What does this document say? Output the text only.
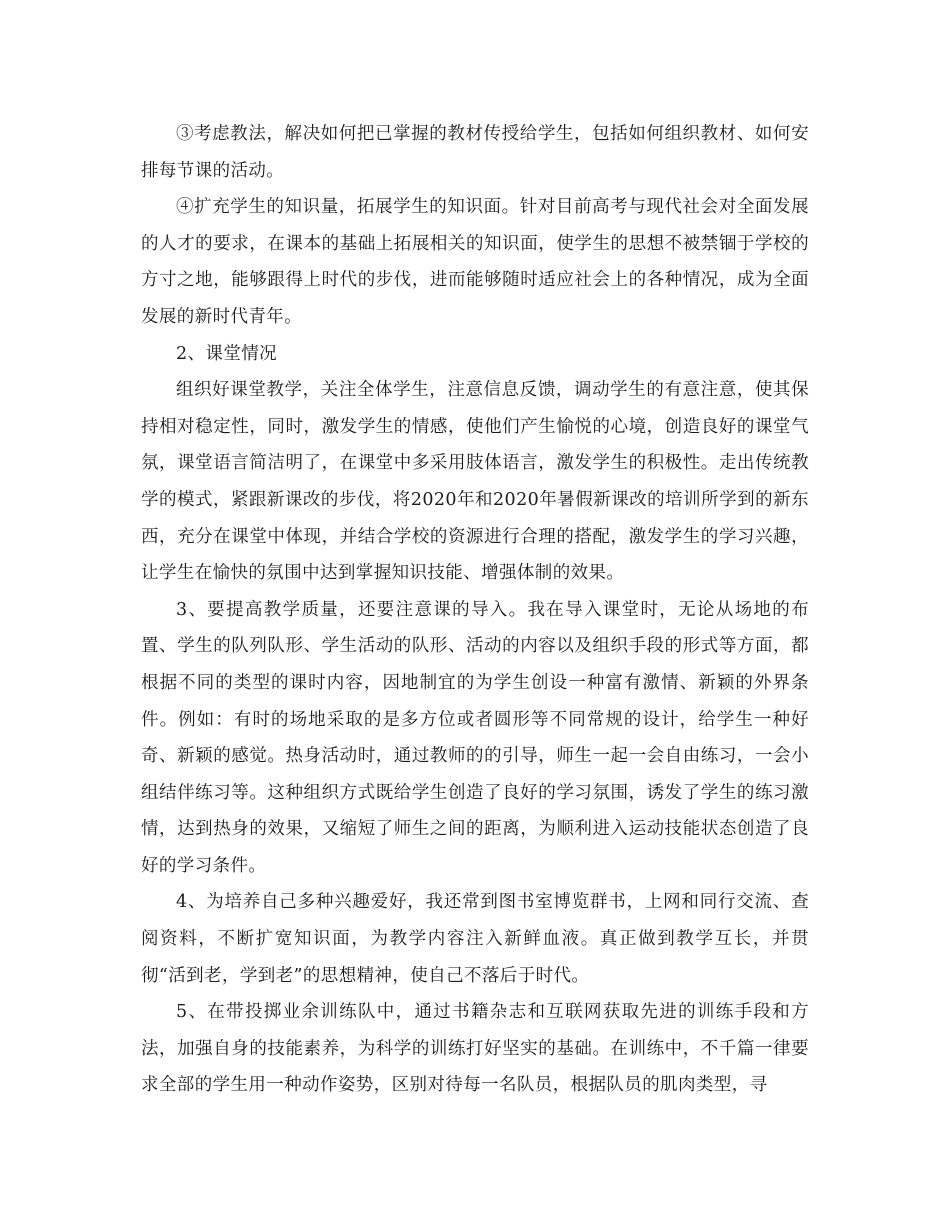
③考虑教法，解决如何把已掌握的教材传授给学生，包括如何组织教材、如何安排每节课的活动。

④扩充学生的知识量，拓展学生的知识面。针对目前高考与现代社会对全面发展的人才的要求，在课本的基础上拓展相关的知识面，使学生的思想不被禁锢于学校的方寸之地，能够跟得上时代的步伐，进而能够随时适应社会上的各种情况，成为全面发展的新时代青年。

2、课堂情况

组织好课堂教学，关注全体学生，注意信息反馈，调动学生的有意注意，使其保持相对稳定性，同时，激发学生的情感，使他们产生愉悦的心境，创造良好的课堂气氛，课堂语言简洁明了，在课堂中多采用肢体语言，激发学生的积极性。走出传统教学的模式，紧跟新课改的步伐，将2020年和2020年暑假新课改的培训所学到的新东西，充分在课堂中体现，并结合学校的资源进行合理的搭配，激发学生的学习兴趣，让学生在愉快的氛围中达到掌握知识技能、增强体制的效果。

3、要提高教学质量，还要注意课的导入。我在导入课堂时，无论从场地的布置、学生的队列队形、学生活动的队形、活动的内容以及组织手段的形式等方面，都根据不同的类型的课时内容，因地制宜的为学生创设一种富有激情、新颖的外界条件。例如：有时的场地采取的是多方位或者圆形等不同常规的设计，给学生一种好奇、新颖的感觉。热身活动时，通过教师的的引导，师生一起一会自由练习，一会小组结伴练习等。这种组织方式既给学生创造了良好的学习氛围，诱发了学生的练习激情，达到热身的效果，又缩短了师生之间的距离，为顺利进入运动技能状态创造了良好的学习条件。

4、为培养自己多种兴趣爱好，我还常到图书室博览群书，上网和同行交流、查阅资料，不断扩宽知识面，为教学内容注入新鲜血液。真正做到教学互长，并贯彻“活到老，学到老”的思想精神，使自己不落后于时代。

5、在带投掷业余训练队中，通过书籍杂志和互联网获取先进的训练手段和方法，加强自身的技能素养，为科学的训练打好坚实的基础。在训练中，不千篇一律要求全部的学生用一种动作姿势，区别对待每一名队员，根据队员的肌肉类型，寻
